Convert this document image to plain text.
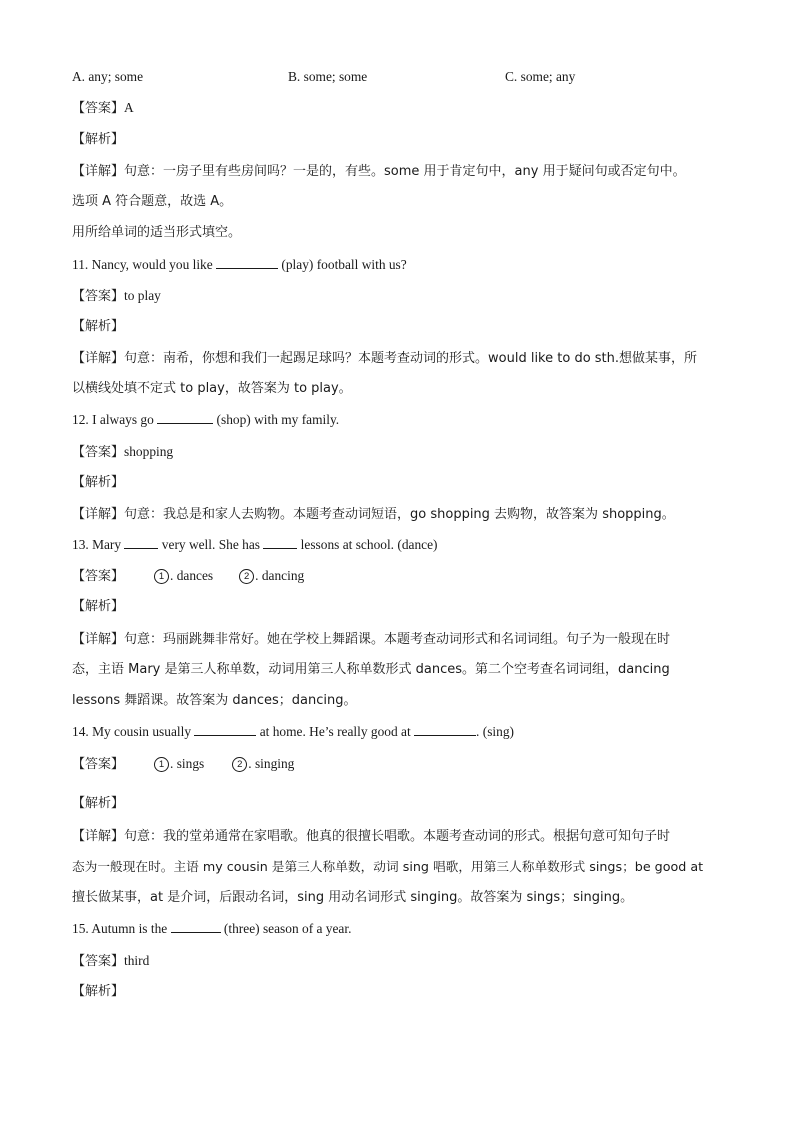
A. any; some	B. some; some	C. some; any
【答案】A
【解析】
【详解】句意：一房子里有些房间吗？一是的，有些。some 用于肯定句中，any 用于疑问句或否定句中。
选项 A 符合题意，故选 A。
用所给单词的适当形式填空。
11. Nancy, would you like	(play) football with us?
【答案】to play
【解析】
【详解】句意：南希，你想和我们一起踢足球吗？本题考查动词的形式。would like to do sth.想做某事，所
以横线处填不定式 to play，故答案为 to play。
12. I always go	(shop) with my family.
【答案】shopping
【解析】
【详解】句意：我总是和家人去购物。本题考查动词短语，go shopping 去购物，故答案为 shopping。
13. Mary	very well. She has	lessons at school. (dance)
【答案】	1 . dances	2 . dancing
【解析】
【详解】句意：玛丽跳舞非常好。她在学校上舞蹈课。本题考查动词形式和名词词组。句子为一般现在时
态，主语 Mary 是第三人称单数，动词用第三人称单数形式 dances。第二个空考查名词词组，dancing
lessons 舞蹈课。故答案为 dances；dancing。
14. My cousin usually	at home. He’s really good at	. (sing)
【答案】	1 . sings	2 . singing
【解析】
【详解】句意：我的堂弟通常在家唱歌。他真的很擅长唱歌。本题考查动词的形式。根据句意可知句子时
态为一般现在时。主语 my cousin 是第三人称单数，动词 sing 唱歌，用第三人称单数形式 sings；be good at
擅长做某事，at 是介词，后跟动名词，sing 用动名词形式 singing。故答案为 sings；singing。
15. Autumn is the	(three) season of a year.
【答案】third
【解析】
